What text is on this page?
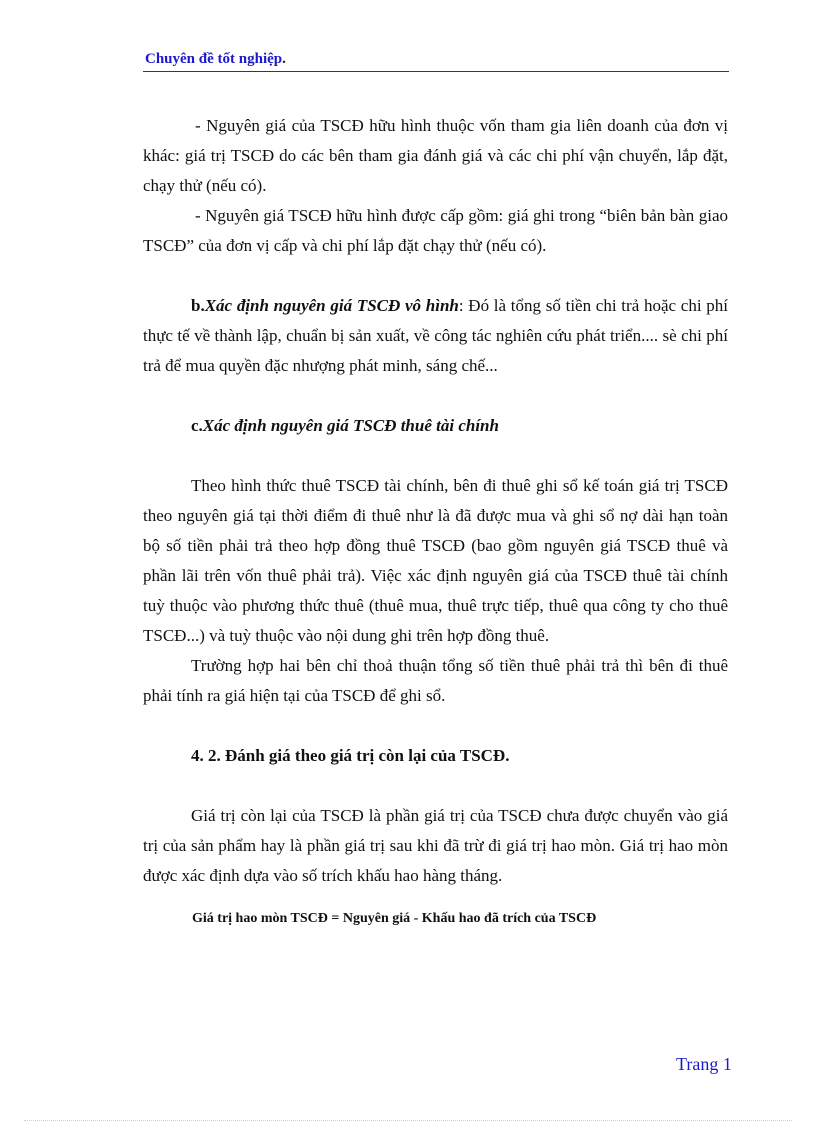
Chuyên đề tốt nghiệp.

- Nguyên giá của TSCĐ hữu hình thuộc vốn tham gia liên doanh của đơn vị khác: giá trị TSCĐ do các bên tham gia đánh giá và các chi phí vận chuyển, lắp đặt, chạy thử (nếu có).

- Nguyên giá TSCĐ hữu hình được cấp gồm: giá ghi trong “biên bản bàn giao TSCĐ” của đơn vị cấp và chi phí lắp đặt chạy thử (nếu có).

b.Xác định nguyên giá TSCĐ vô hình: Đó là tổng số tiền chi trả hoặc chi phí thực tế về thành lập, chuẩn bị sản xuất, về công tác nghiên cứu phát triển.... sè chi phí trả để mua quyền đặc nhượng phát minh, sáng chế...

c.Xác định nguyên giá TSCĐ thuê tài chính

Theo hình thức thuê TSCĐ tài chính, bên đi thuê ghi sổ kế toán giá trị TSCĐ theo nguyên giá tại thời điểm đi thuê như là đã được mua và ghi sổ nợ dài hạn toàn bộ số tiền phải trả theo hợp đồng thuê TSCĐ (bao gồm nguyên giá TSCĐ thuê và phần lãi trên vốn thuê phải trả). Việc xác định nguyên giá của TSCĐ thuê tài chính tuỳ thuộc vào phương thức thuê (thuê mua, thuê trực tiếp, thuê qua công ty cho thuê TSCĐ...) và tuỳ thuộc vào nội dung ghi trên hợp đồng thuê.

Trường hợp hai bên chỉ thoả thuận tổng số tiền thuê phải trả thì bên đi thuê phải tính ra giá hiện tại của TSCĐ để ghi sổ.

4. 2. Đánh giá theo giá trị còn lại của TSCĐ.

Giá trị còn lại của TSCĐ là phần giá trị của TSCĐ chưa được chuyển vào giá trị của sản phẩm hay là phần giá trị sau khi đã trừ đi giá trị hao mòn. Giá trị hao mòn được xác định dựa vào số trích khấu hao hàng tháng.

Giá trị hao mòn TSCĐ = Nguyên giá - Khấu hao đã trích của TSCĐ

Trang 1
